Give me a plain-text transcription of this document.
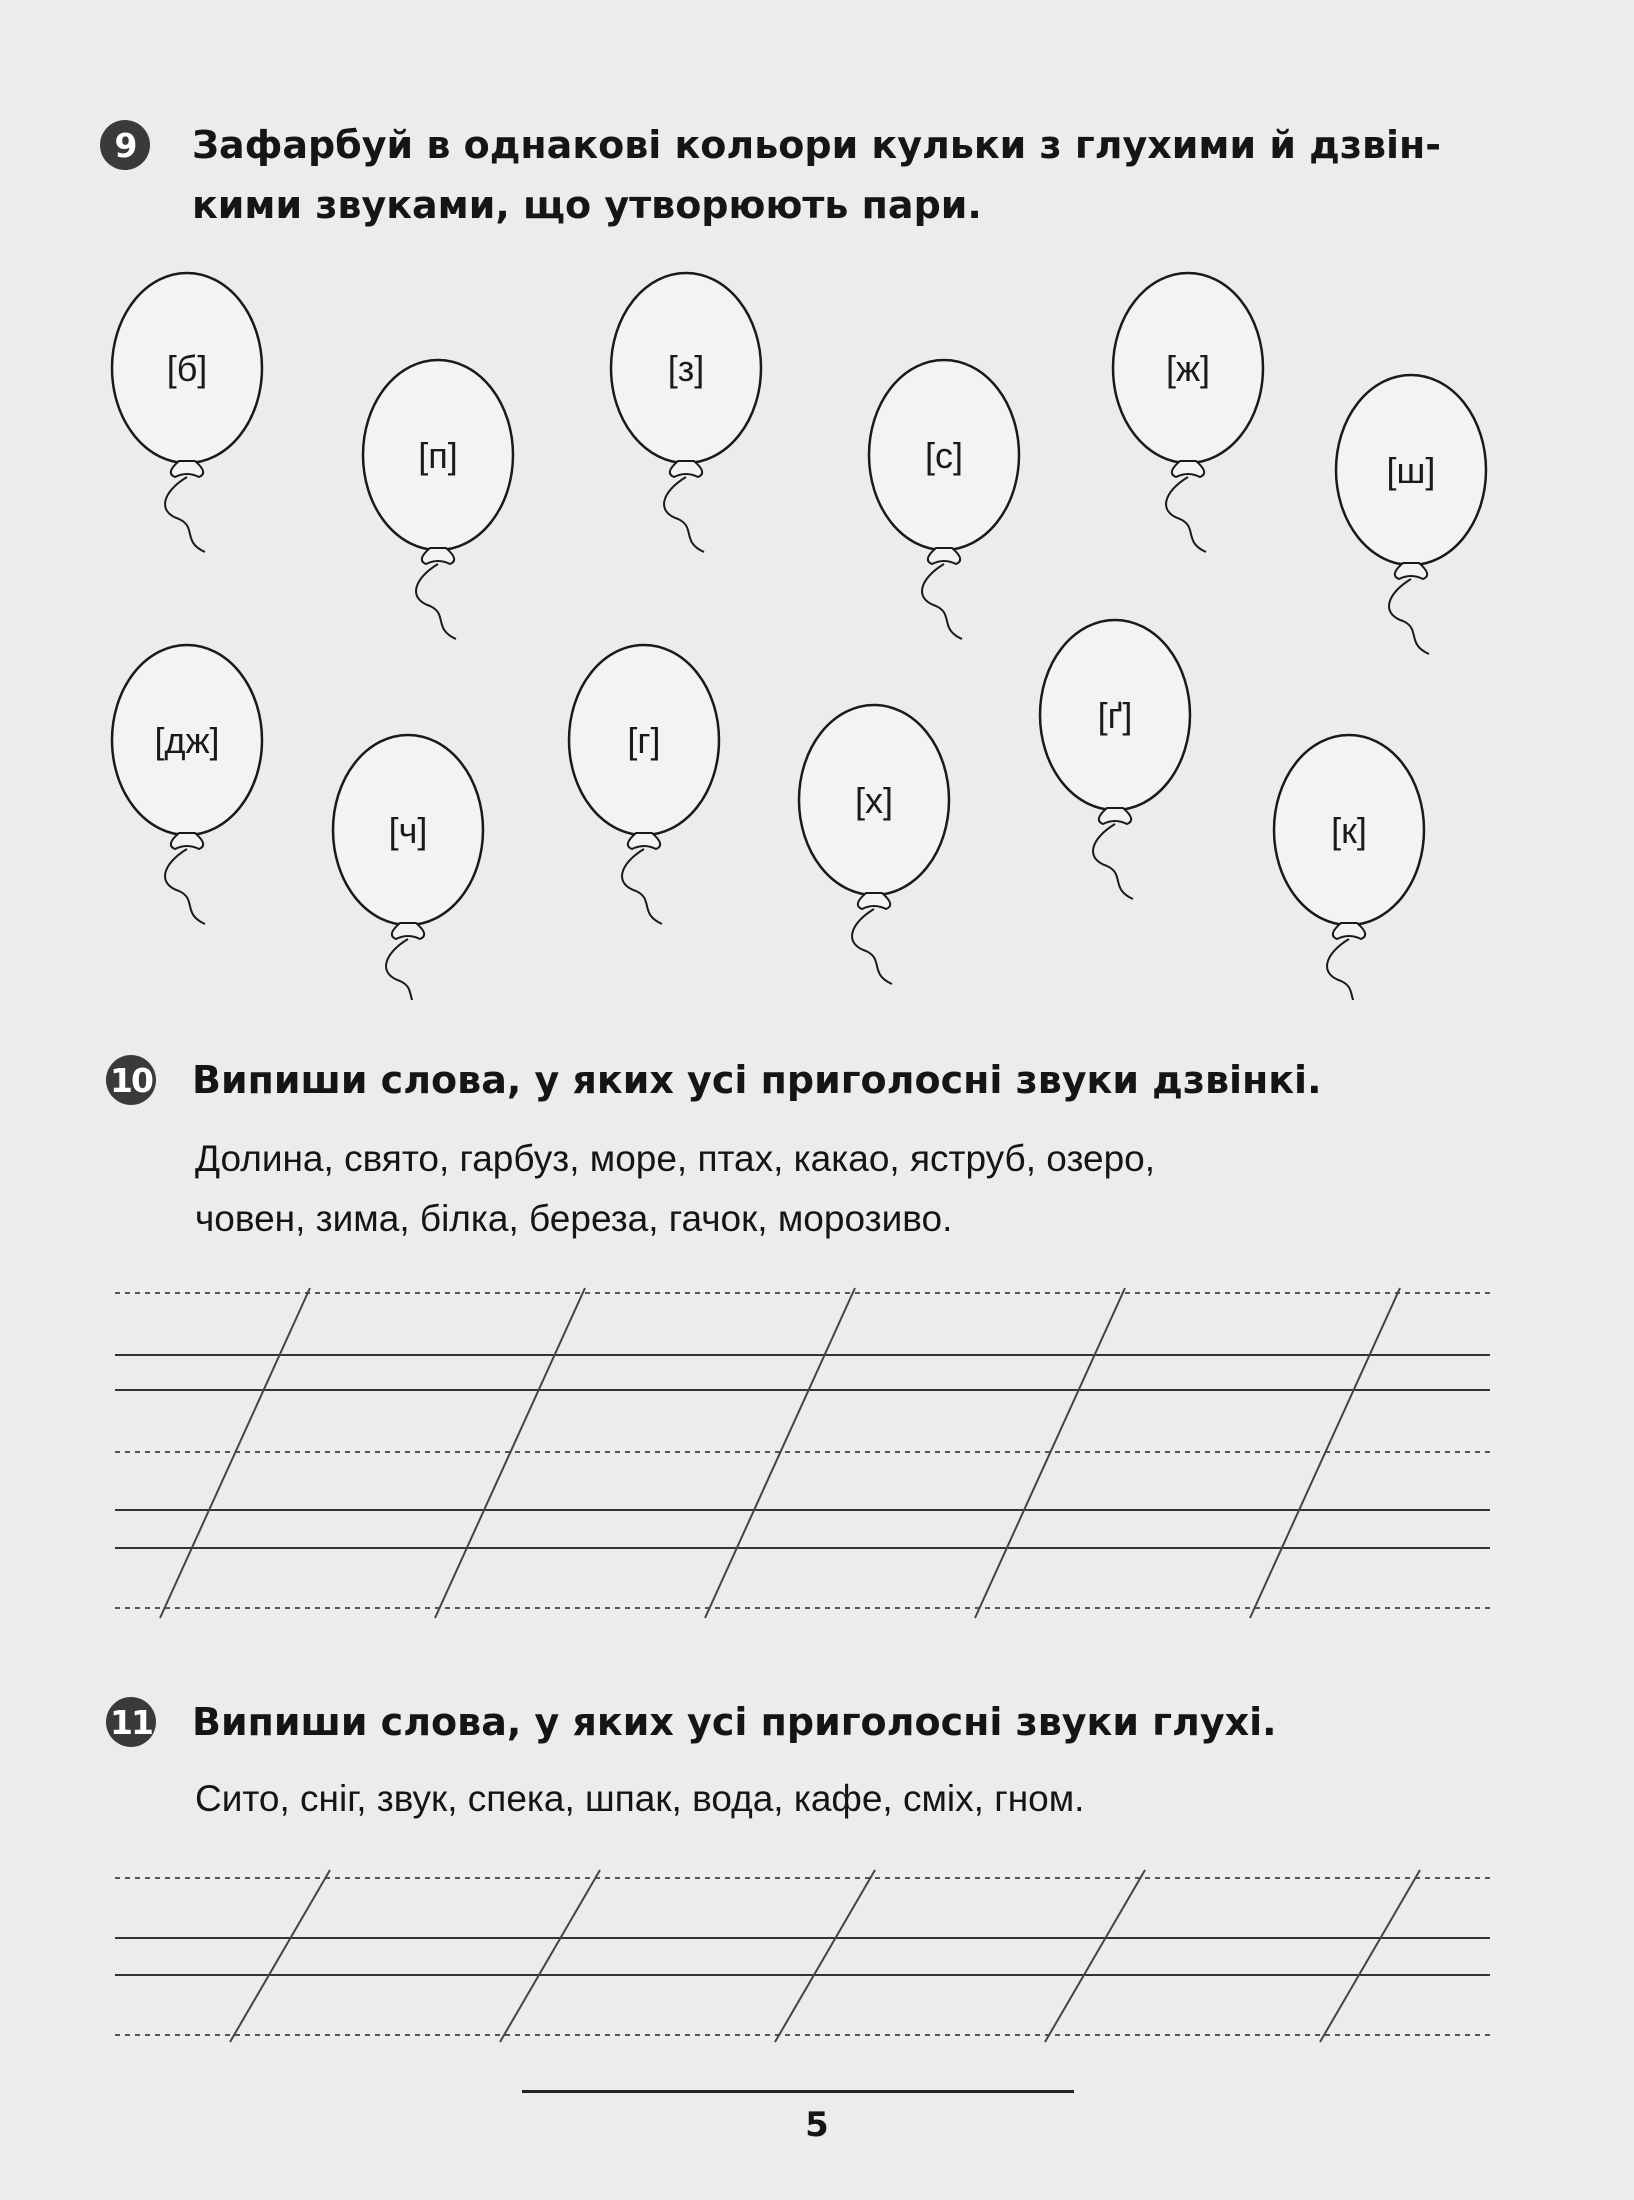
9	Зафарбуй в однакові кольори кульки з глухими й дзвін-
кими звуками, що утворюють пари.
[б]
[п]
[з]
[с]
[ж]
[ш]
[дж]
[ч]
[г]
[х]
[ґ]
[к]
10 Випиши слова, у яких усі приголосні звуки дзвінкі.
Долина, свято, гарбуз, море, птах, какао, яструб, озеро,
човен, зима, білка, береза, гачок, морозиво.
11 Випиши слова, у яких усі приголосні звуки глухі.
Сито, сніг, звук, спека, шпак, вода, кафе, сміх, гном.
5
